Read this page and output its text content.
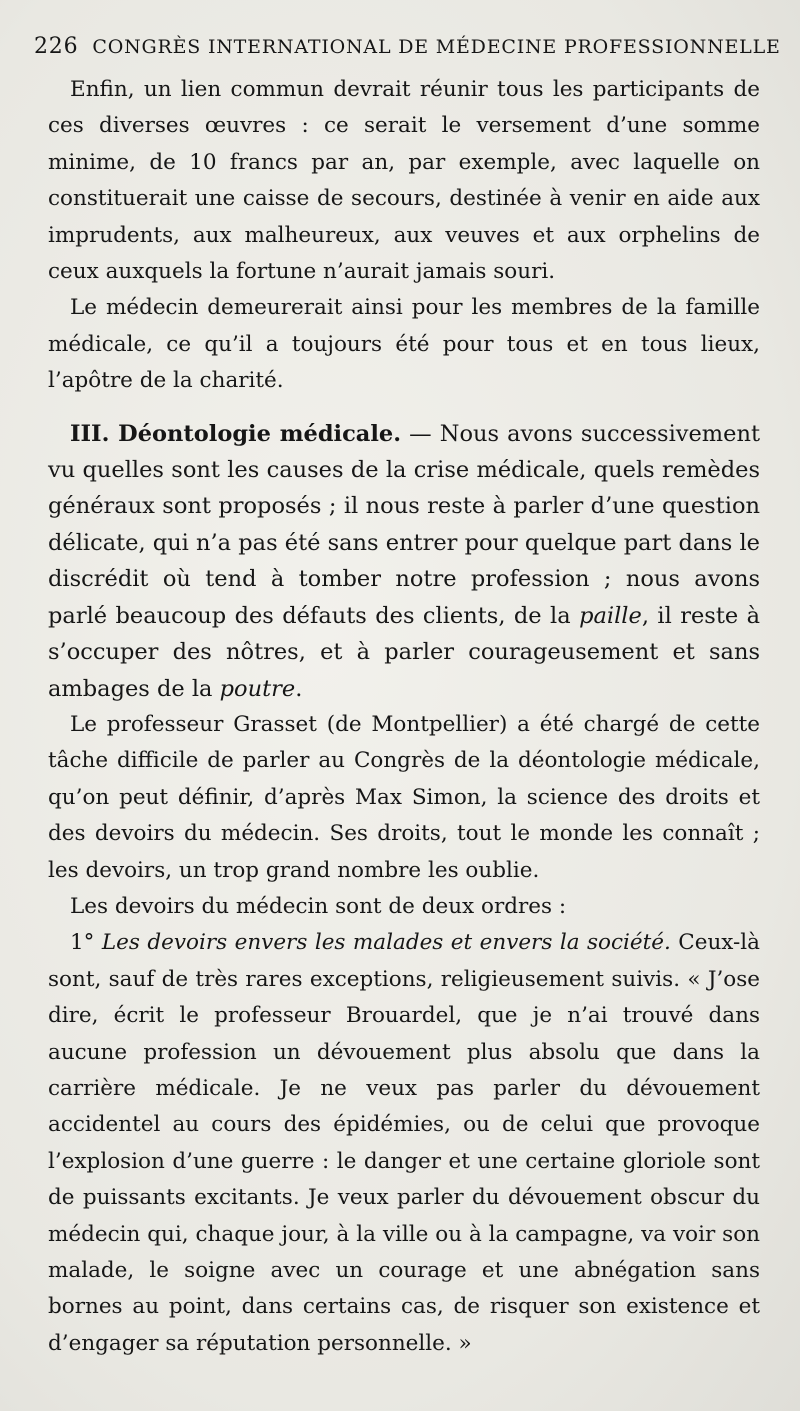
226 CONGRÈS INTERNATIONAL DE MÉDECINE PROFESSIONNELLE

Enfin, un lien commun devrait réunir tous les participants de ces diverses œuvres : ce serait le versement d’une somme minime, de 10 francs par an, par exemple, avec laquelle on constituerait une caisse de secours, destinée à venir en aide aux imprudents, aux malheureux, aux veuves et aux orphelins de ceux auxquels la fortune n’aurait jamais souri.

Le médecin demeurerait ainsi pour les membres de la famille médicale, ce qu’il a toujours été pour tous et en tous lieux, l’apôtre de la charité.

III. Déontologie médicale. — Nous avons successivement vu quelles sont les causes de la crise médicale, quels remèdes généraux sont proposés ; il nous reste à parler d’une question délicate, qui n’a pas été sans entrer pour quelque part dans le discrédit où tend à tomber notre profession ; nous avons parlé beaucoup des défauts des clients, de la paille, il reste à s’occuper des nôtres, et à parler courageusement et sans ambages de la poutre.

Le professeur Grasset (de Montpellier) a été chargé de cette tâche difficile de parler au Congrès de la déontologie médicale, qu’on peut définir, d’après Max Simon, la science des droits et des devoirs du médecin. Ses droits, tout le monde les connaît ; les devoirs, un trop grand nombre les oublie.

Les devoirs du médecin sont de deux ordres :

1° Les devoirs envers les malades et envers la société. Ceux-là sont, sauf de très rares exceptions, religieusement suivis. « J’ose dire, écrit le professeur Brouardel, que je n’ai trouvé dans aucune profession un dévouement plus absolu que dans la carrière médicale. Je ne veux pas parler du dévouement accidentel au cours des épidémies, ou de celui que provoque l’explosion d’une guerre : le danger et une certaine gloriole sont de puissants excitants. Je veux parler du dévouement obscur du médecin qui, chaque jour, à la ville ou à la campagne, va voir son malade, le soigne avec un courage et une abnégation sans bornes au point, dans certains cas, de risquer son existence et d’engager sa réputation personnelle. »
